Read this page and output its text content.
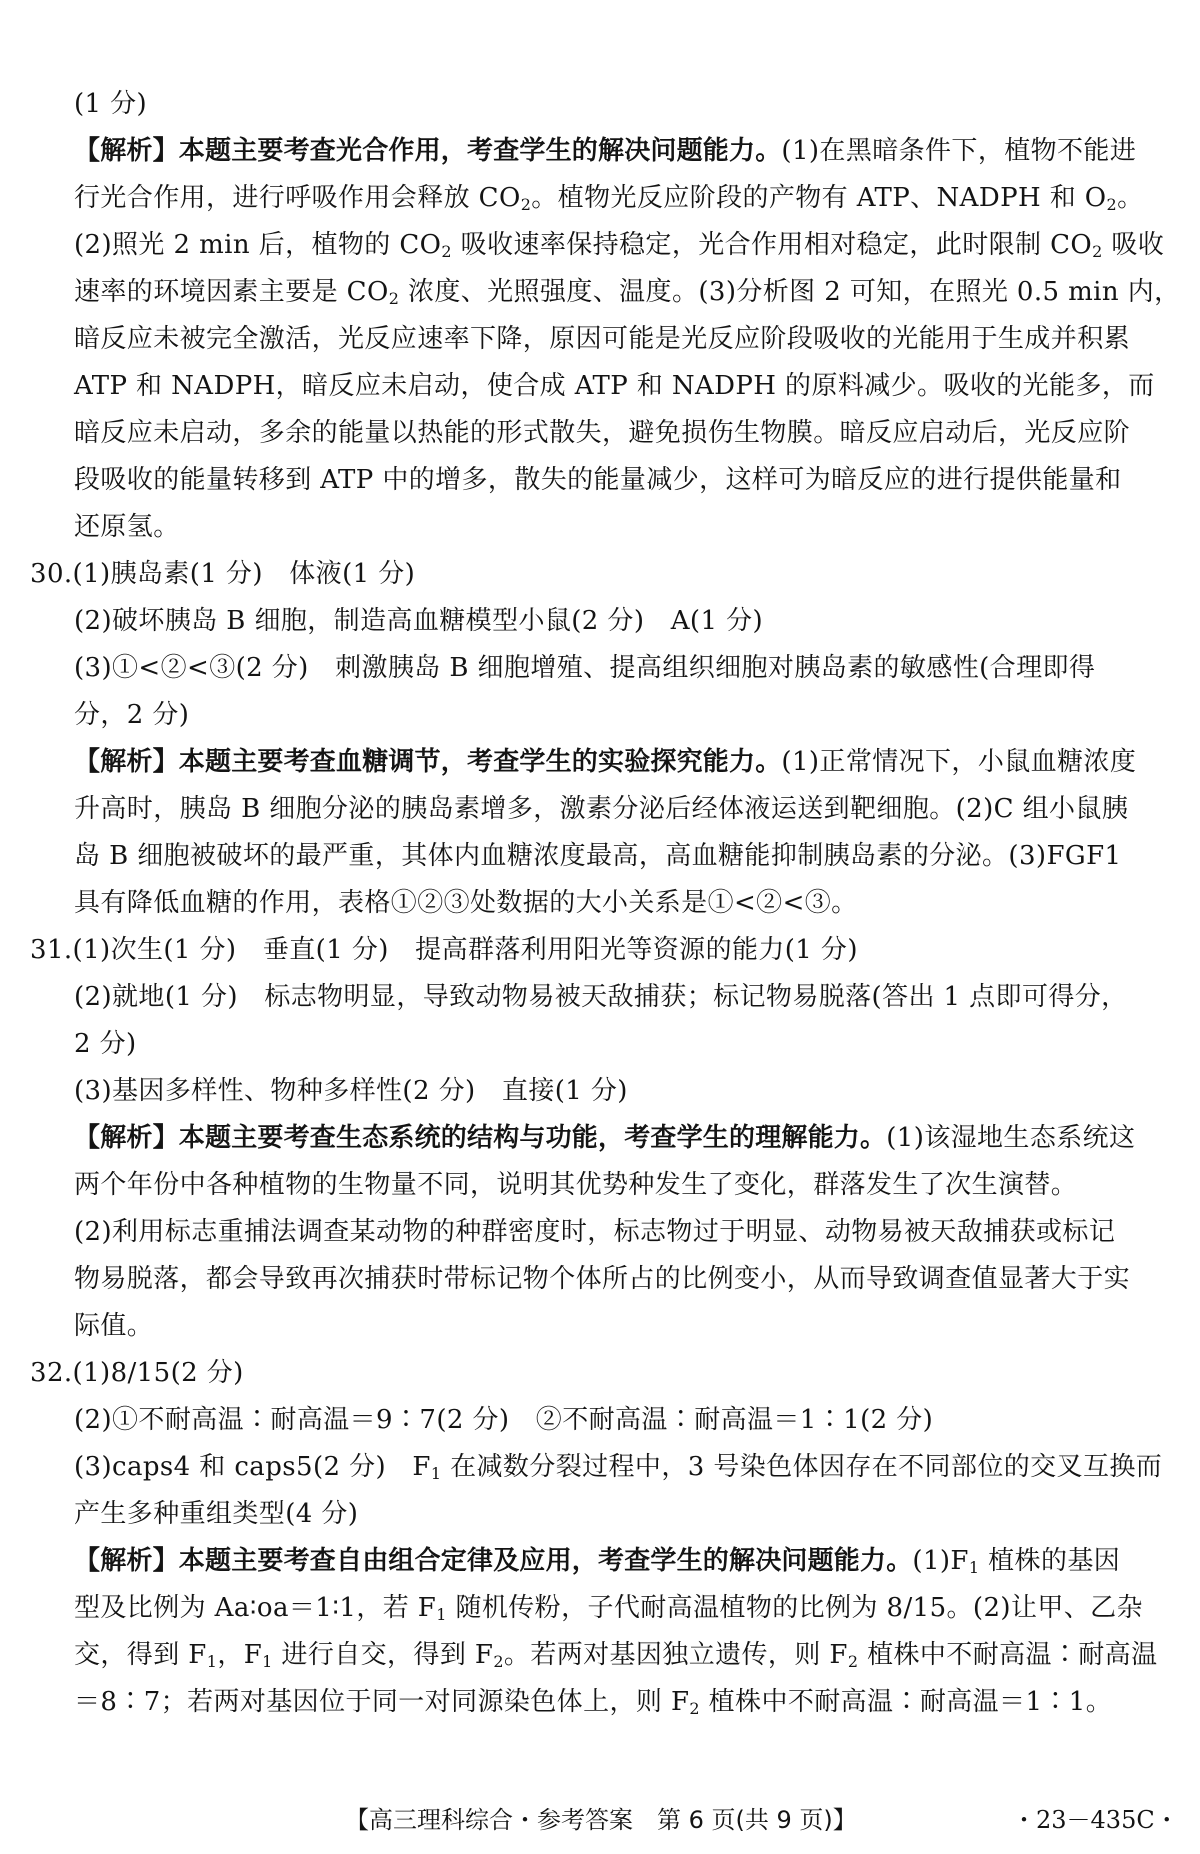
(1 分)
【解析】本题主要考查光合作用，考查学生的解决问题能力。(1)在黑暗条件下，植物不能进
行光合作用，进行呼吸作用会释放 $CO_2$。植物光反应阶段的产物有 ATP、NADPH 和 $O_2$。
(2)照光 2 min 后，植物的 $CO_2$ 吸收速率保持稳定，光合作用相对稳定，此时限制 $CO_2$ 吸收
速率的环境因素主要是 $CO_2$ 浓度、光照强度、温度。(3)分析图 2 可知，在照光 0.5 min 内，
暗反应未被完全激活，光反应速率下降，原因可能是光反应阶段吸收的光能用于生成并积累
ATP 和 NADPH，暗反应未启动，使合成 ATP 和 NADPH 的原料减少。吸收的光能多，而
暗反应未启动，多余的能量以热能的形式散失，避免损伤生物膜。暗反应启动后，光反应阶
段吸收的能量转移到 ATP 中的增多，散失的能量减少，这样可为暗反应的进行提供能量和
还原氢。
30.(1)胰岛素(1 分)　体液(1 分)
(2)破坏胰岛 B 细胞，制造高血糖模型小鼠(2 分)　A(1 分)
(3)①<②<③(2 分)　刺激胰岛 B 细胞增殖、提高组织细胞对胰岛素的敏感性(合理即得
分，2 分)
【解析】本题主要考查血糖调节，考查学生的实验探究能力。(1)正常情况下，小鼠血糖浓度
升高时，胰岛 B 细胞分泌的胰岛素增多，激素分泌后经体液运送到靶细胞。(2)C 组小鼠胰
岛 B 细胞被破坏的最严重，其体内血糖浓度最高，高血糖能抑制胰岛素的分泌。(3)FGF1
具有降低血糖的作用，表格①②③处数据的大小关系是①<②<③。
31.(1)次生(1 分)　垂直(1 分)　提高群落利用阳光等资源的能力(1 分)
(2)就地(1 分)　标志物明显，导致动物易被天敌捕获；标记物易脱落(答出 1 点即可得分，
2 分)
(3)基因多样性、物种多样性(2 分)　直接(1 分)
【解析】本题主要考查生态系统的结构与功能，考查学生的理解能力。(1)该湿地生态系统这
两个年份中各种植物的生物量不同，说明其优势种发生了变化，群落发生了次生演替。
(2)利用标志重捕法调查某动物的种群密度时，标志物过于明显、动物易被天敌捕获或标记
物易脱落，都会导致再次捕获时带标记物个体所占的比例变小，从而导致调查值显著大于实
际值。
32.(1)8/15(2 分)
(2)①不耐高温∶耐高温＝9∶7(2 分)　②不耐高温∶耐高温＝1∶1(2 分)
(3)caps4 和 caps5(2 分)　$F_1$ 在减数分裂过程中，3 号染色体因存在不同部位的交叉互换而
产生多种重组类型(4 分)
【解析】本题主要考查自由组合定律及应用，考查学生的解决问题能力。$(1)F_1$ 植株的基因
型及比例为 Aa∶oa＝1∶1，若 $F_1$ 随机传粉，子代耐高温植物的比例为 8/15。(2)让甲、乙杂
交，得到 $F_1$，$F_1$ 进行自交，得到 $F_2$。若两对基因独立遗传，则 $F_2$ 植株中不耐高温∶耐高温
＝8∶7；若两对基因位于同一对同源染色体上，则 $F_2$ 植株中不耐高温∶耐高温＝1∶1。
【高三理科综合・参考答案　第 6 页(共 9 页)】	・23－435C・
